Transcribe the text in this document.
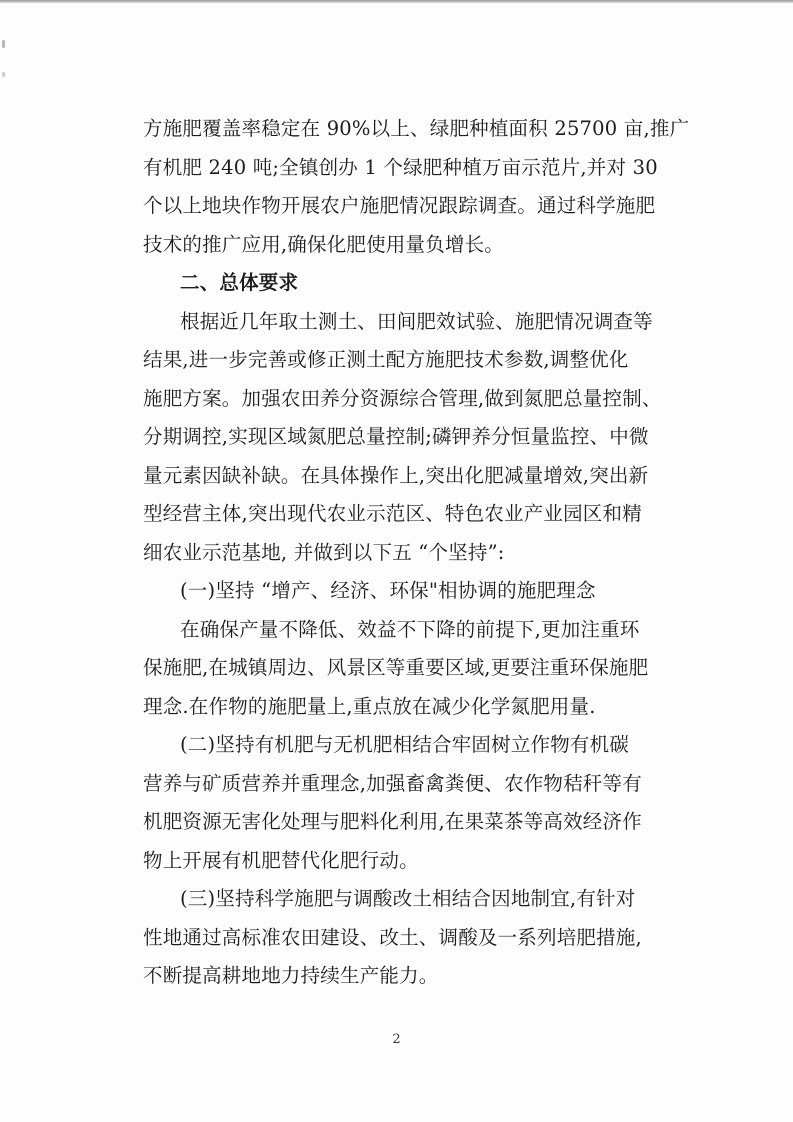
方施肥覆盖率稳定在 90%以上、绿肥种植面积 25700 亩,推广
有机肥 240 吨;全镇创办 1 个绿肥种植万亩示范片,并对 30
个以上地块作物开展农户施肥情况跟踪调查。通过科学施肥
技术的推广应用,确保化肥使用量负增长。
二、总体要求
根据近几年取土测土、田间肥效试验、施肥情况调查等
结果,进一步完善或修正测土配方施肥技术参数,调整优化
施肥方案。加强农田养分资源综合管理,做到氮肥总量控制、
分期调控,实现区域氮肥总量控制;磷钾养分恒量监控、中微
量元素因缺补缺。在具体操作上,突出化肥减量增效,突出新
型经营主体,突出现代农业示范区、特色农业产业园区和精
细农业示范基地, 并做到以下五 “个坚持”:
(一)坚持 “增产、经济、环保"相协调的施肥理念
在确保产量不降低、效益不下降的前提下,更加注重环
保施肥,在城镇周边、风景区等重要区域,更要注重环保施肥
理念.在作物的施肥量上,重点放在减少化学氮肥用量.
(二)坚持有机肥与无机肥相结合牢固树立作物有机碳
营养与矿质营养并重理念,加强畜禽粪便、农作物秸秆等有
机肥资源无害化处理与肥料化利用,在果菜茶等高效经济作
物上开展有机肥替代化肥行动。
(三)坚持科学施肥与调酸改土相结合因地制宜,有针对
性地通过高标准农田建设、改土、调酸及一系列培肥措施,
不断提高耕地地力持续生产能力。
2
